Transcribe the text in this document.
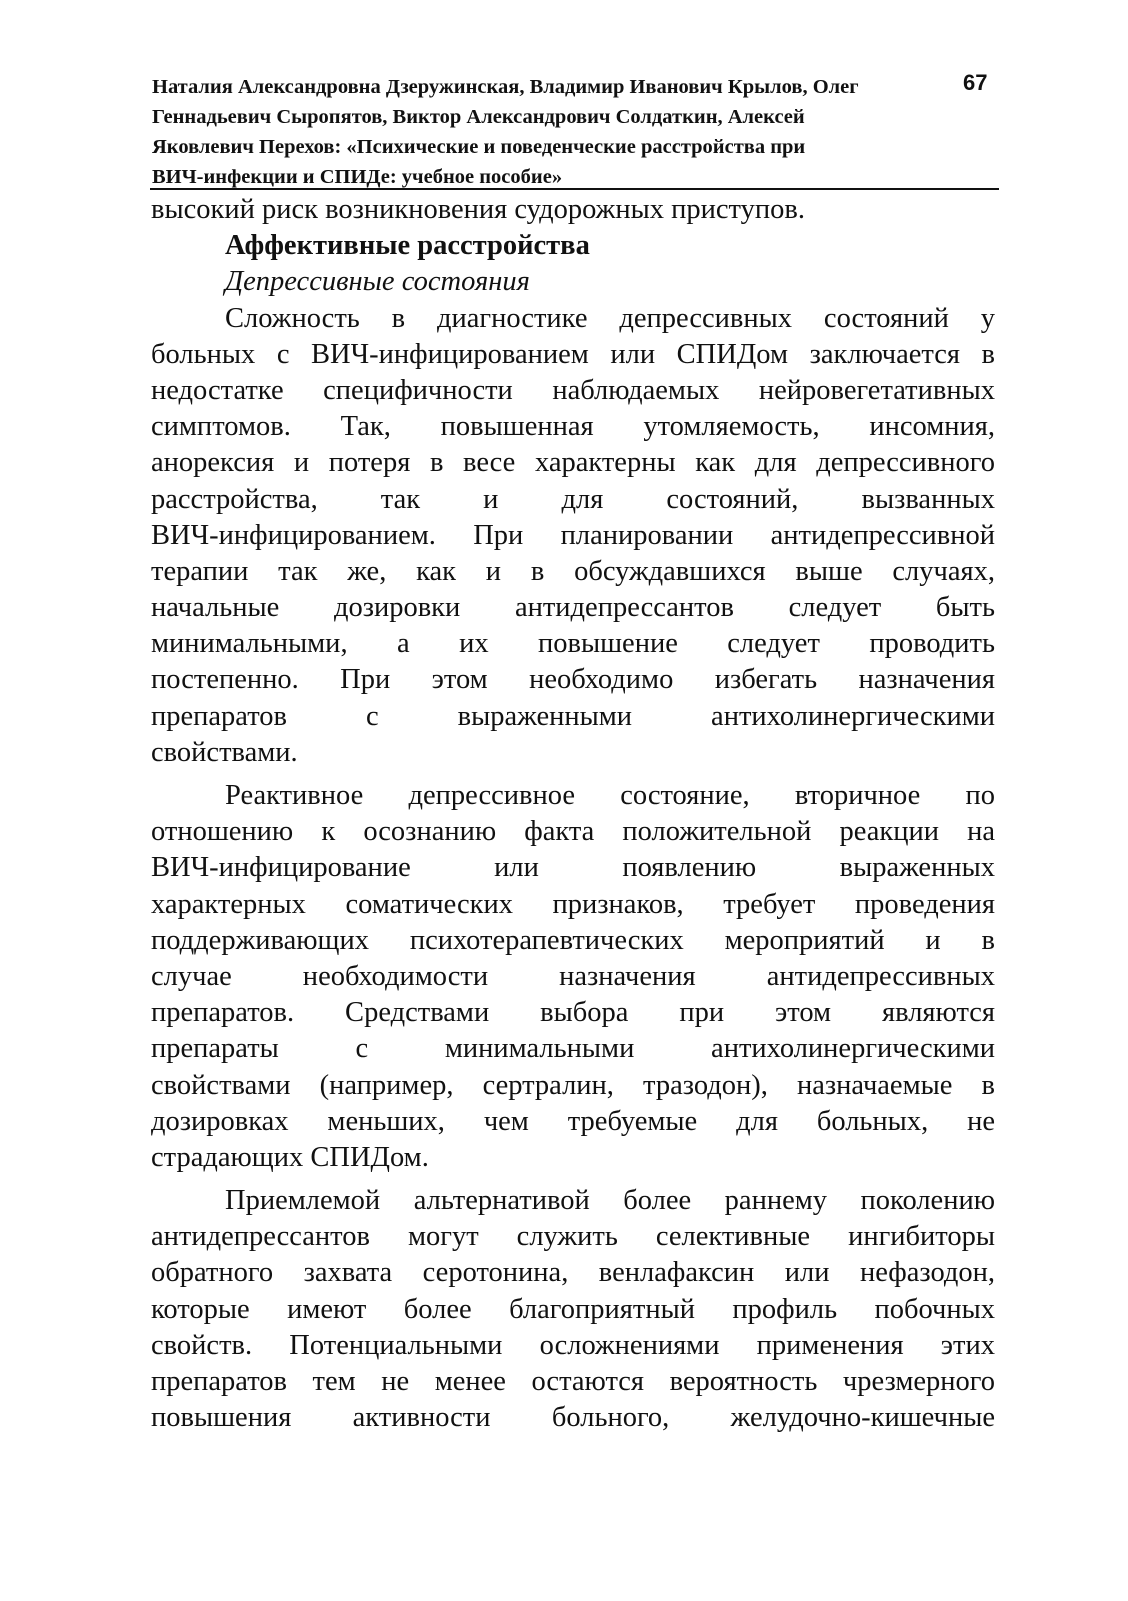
Наталия Александровна Дзеружинская, Владимир Иванович Крылов, Олег
Геннадьевич Сыропятов, Виктор Александрович Солдаткин, Алексей
Яковлевич Перехов: «Психические и поведенческие расстройства при
ВИЧ-инфекции и СПИДе: учебное пособие»
67
высокий риск возникновения судорожных приступов.
Аффективные расстройства
Депрессивные состояния
Сложность в диагностике депрессивных состояний у
больных с ВИЧ-инфицированием или СПИДом заключается в
недостатке специфичности наблюдаемых нейровегетативных
симптомов. Так, повышенная утомляемость, инсомния,
анорексия и потеря в весе характерны как для депрессивного
расстройства, так и для состояний, вызванных
ВИЧ-инфицированием. При планировании антидепрессивной
терапии так же, как и в обсуждавшихся выше случаях,
начальные дозировки антидепрессантов следует быть
минимальными, а их повышение следует проводить
постепенно. При этом необходимо избегать назначения
препаратов с выраженными антихолинергическими
свойствами.
Реактивное депрессивное состояние, вторичное по
отношению к осознанию факта положительной реакции на
ВИЧ-инфицирование или появлению выраженных
характерных соматических признаков, требует проведения
поддерживающих психотерапевтических мероприятий и в
случае необходимости назначения антидепрессивных
препаратов. Средствами выбора при этом являются
препараты с минимальными антихолинергическими
свойствами (например, сертралин, тразодон), назначаемые в
дозировках меньших, чем требуемые для больных, не
страдающих СПИДом.
Приемлемой альтернативой более раннему поколению
антидепрессантов могут служить селективные ингибиторы
обратного захвата серотонина, венлафаксин или нефазодон,
которые имеют более благоприятный профиль побочных
свойств. Потенциальными осложнениями применения этих
препаратов тем не менее остаются вероятность чрезмерного
повышения активности больного, желудочно-кишечные
